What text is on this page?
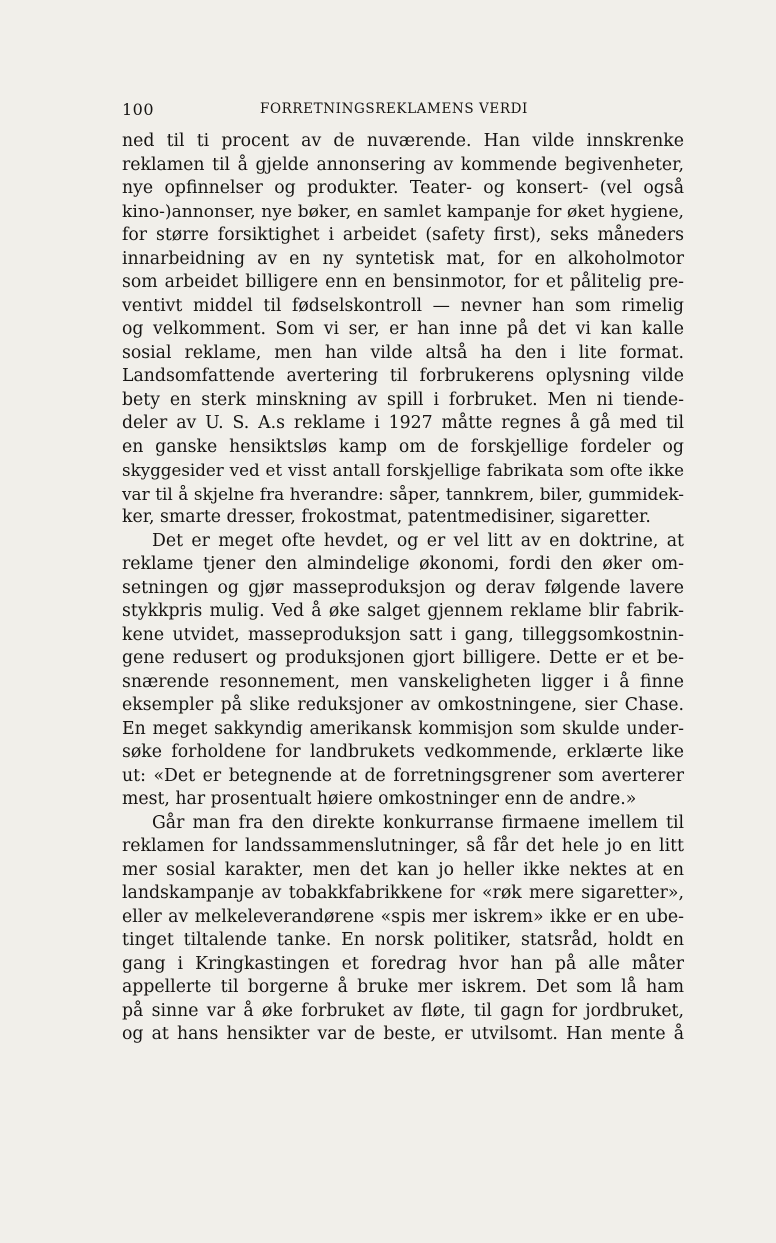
100	FORRETNINGSREKLAMENS VERDI
ned til ti procent av de nuværende. Han vilde innskrenke
reklamen til å gjelde annonsering av kommende begivenheter,
nye opfinnelser og produkter. Teater- og konsert- (vel også
kino-)annonser, nye bøker, en samlet kampanje for øket hygiene,
for større forsiktighet i arbeidet (safety first), seks måneders
innarbeidning av en ny syntetisk mat, for en alkoholmotor
som arbeidet billigere enn en bensinmotor, for et pålitelig pre-
ventivt middel til fødselskontroll — nevner han som rimelig
og velkomment. Som vi ser, er han inne på det vi kan kalle
sosial reklame, men han vilde altså ha den i lite format.
Landsomfattende avertering til forbrukerens oplysning vilde
bety en sterk minskning av spill i forbruket. Men ni tiende-
deler av U. S. A.s reklame i 1927 måtte regnes å gå med til
en ganske hensiktsløs kamp om de forskjellige fordeler og
skyggesider ved et visst antall forskjellige fabrikata som ofte ikke
var til å skjelne fra hverandre: såper, tannkrem, biler, gummidek-
ker, smarte dresser, frokostmat, patentmedisiner, sigaretter.
Det er meget ofte hevdet, og er vel litt av en doktrine, at
reklame tjener den almindelige økonomi, fordi den øker om-
setningen og gjør masseproduksjon og derav følgende lavere
stykkpris mulig. Ved å øke salget gjennem reklame blir fabrik-
kene utvidet, masseproduksjon satt i gang, tilleggsomkostnin-
gene redusert og produksjonen gjort billigere. Dette er et be-
snærende resonnement, men vanskeligheten ligger i å finne
eksempler på slike reduksjoner av omkostningene, sier Chase.
En meget sakkyndig amerikansk kommisjon som skulde under-
søke forholdene for landbrukets vedkommende, erklærte like
ut: «Det er betegnende at de forretningsgrener som averterer
mest, har prosentualt høiere omkostninger enn de andre.»
Går man fra den direkte konkurranse firmaene imellem til
reklamen for landssammenslutninger, så får det hele jo en litt
mer sosial karakter, men det kan jo heller ikke nektes at en
landskampanje av tobakkfabrikkene for «røk mere sigaretter»,
eller av melkeleverandørene «spis mer iskrem» ikke er en ube-
tinget tiltalende tanke. En norsk politiker, statsråd, holdt en
gang i Kringkastingen et foredrag hvor han på alle måter
appellerte til borgerne å bruke mer iskrem. Det som lå ham
på sinne var å øke forbruket av fløte, til gagn for jordbruket,
og at hans hensikter var de beste, er utvilsomt. Han mente å
